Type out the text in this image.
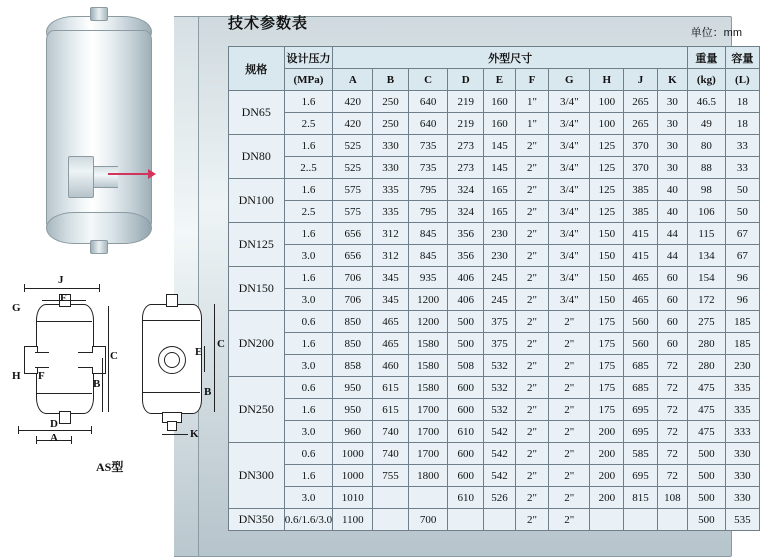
J
F
G
C
H F
A
D
B
C
E
B
K
AS型
技术参数表
单位：mm
规格	设计压力	外型尺寸										重量	容量
	(MPa)	A	B	C	D	E	F	G	H	J	K	(kg)	(L)
DN65	1.6	420	250	640	219	160	1"	3/4"	100	265	30	46.5	18
	2.5	420	250	640	219	160	1"	3/4"	100	265	30	49	18
DN80	1.6	525	330	735	273	145	2"	3/4"	125	370	30	80	33
	2..5	525	330	735	273	145	2"	3/4"	125	370	30	88	33
DN100	1.6	575	335	795	324	165	2"	3/4"	125	385	40	98	50
	2.5	575	335	795	324	165	2"	3/4"	125	385	40	106	50
DN125	1.6	656	312	845	356	230	2"	3/4"	150	415	44	115	67
	3.0	656	312	845	356	230	2"	3/4"	150	415	44	134	67
DN150	1.6	706	345	935	406	245	2"	3/4"	150	465	60	154	96
	3.0	706	345	1200	406	245	2"	3/4"	150	465	60	172	96
DN200	0.6	850	465	1200	500	375	2"	2"	175	560	60	275	185
	1.6	850	465	1580	500	375	2"	2"	175	560	60	280	185
	3.0	858	460	1580	508	532	2"	2"	175	685	72	280	230
DN250	0.6	950	615	1580	600	532	2"	2"	175	685	72	475	335
	1.6	950	615	1700	600	532	2"	2"	175	695	72	475	335
	3.0	960	740	1700	610	542	2"	2"	200	695	72	475	333
DN300	0.6	1000	740	1700	600	542	2"	2"	200	585	72	500	330
	1.6	1000	755	1800	600	542	2"	2"	200	695	72	500	330
	3.0	1010			610	526	2"	2"	200	815	108	500	330
DN350	0.6/1.6/3.0	1100		700			2"	2"				500	535
